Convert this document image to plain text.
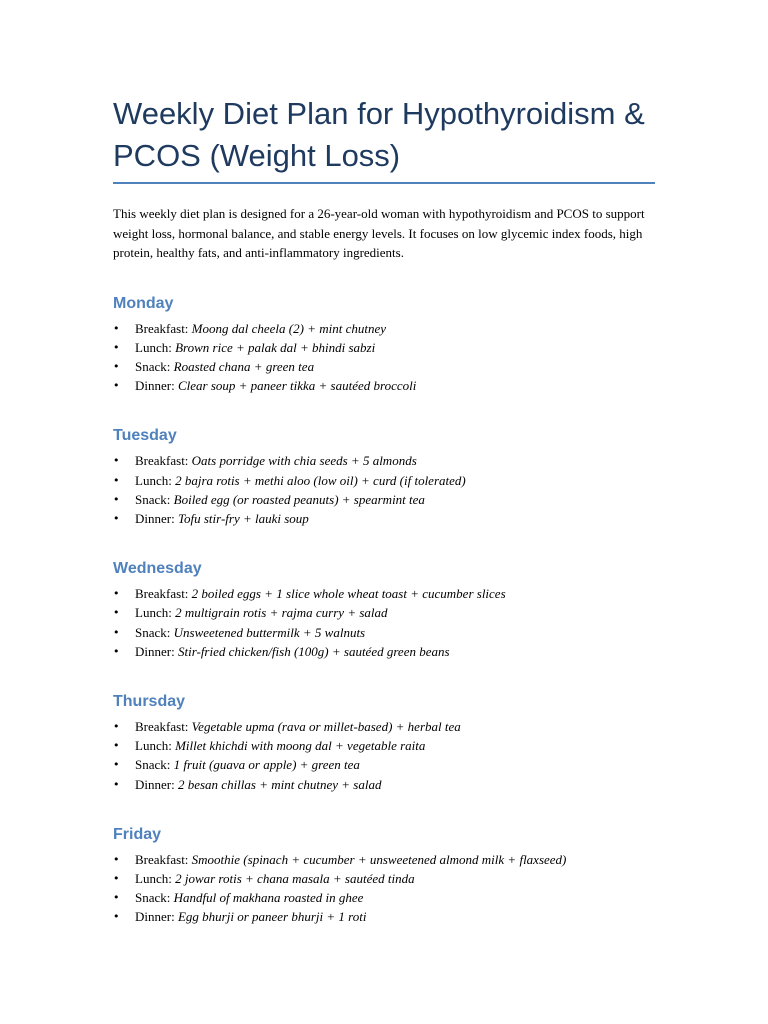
Weekly Diet Plan for Hypothyroidism & PCOS (Weight Loss)

This weekly diet plan is designed for a 26-year-old woman with hypothyroidism and PCOS to support weight loss, hormonal balance, and stable energy levels. It focuses on low glycemic index foods, high protein, healthy fats, and anti-inflammatory ingredients.

Monday
• Breakfast: Moong dal cheela (2) + mint chutney
• Lunch: Brown rice + palak dal + bhindi sabzi
• Snack: Roasted chana + green tea
• Dinner: Clear soup + paneer tikka + sautéed broccoli
Tuesday
• Breakfast: Oats porridge with chia seeds + 5 almonds
• Lunch: 2 bajra rotis + methi aloo (low oil) + curd (if tolerated)
• Snack: Boiled egg (or roasted peanuts) + spearmint tea
• Dinner: Tofu stir-fry + lauki soup
Wednesday
• Breakfast: 2 boiled eggs + 1 slice whole wheat toast + cucumber slices
• Lunch: 2 multigrain rotis + rajma curry + salad
• Snack: Unsweetened buttermilk + 5 walnuts
• Dinner: Stir-fried chicken/fish (100g) + sautéed green beans
Thursday
• Breakfast: Vegetable upma (rava or millet-based) + herbal tea
• Lunch: Millet khichdi with moong dal + vegetable raita
• Snack: 1 fruit (guava or apple) + green tea
• Dinner: 2 besan chillas + mint chutney + salad
Friday
• Breakfast: Smoothie (spinach + cucumber + unsweetened almond milk + flaxseed)
• Lunch: 2 jowar rotis + chana masala + sautéed tinda
• Snack: Handful of makhana roasted in ghee
• Dinner: Egg bhurji or paneer bhurji + 1 roti
